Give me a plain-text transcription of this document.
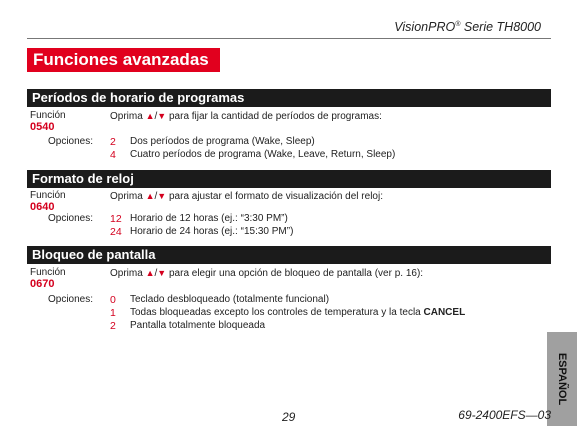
VisionPRO® Serie TH8000
Funciones avanzadas
Períodos de horario de programas
Función
0540
Oprima ▲/▼ para fijar la cantidad de períodos de programas:
Opciones: 2 Dos períodos de programa (Wake, Sleep)
4 Cuatro períodos de programa (Wake, Leave, Return, Sleep)
Formato de reloj
Función
0640
Oprima ▲/▼ para ajustar el formato de visualización del reloj:
Opciones: 12 Horario de 12 horas (ej.: “3:30 PM”)
24 Horario de 24 horas (ej.: “15:30 PM”)
Bloqueo de pantalla
Función
0670
Oprima ▲/▼ para elegir una opción de bloqueo de pantalla (ver p. 16):
Opciones: 0 Teclado desbloqueado (totalmente funcional)
1 Todas bloqueadas excepto los controles de temperatura y la tecla CANCEL
2 Pantalla totalmente bloqueada
ESPAÑOL
29	69-2400EFS—03
